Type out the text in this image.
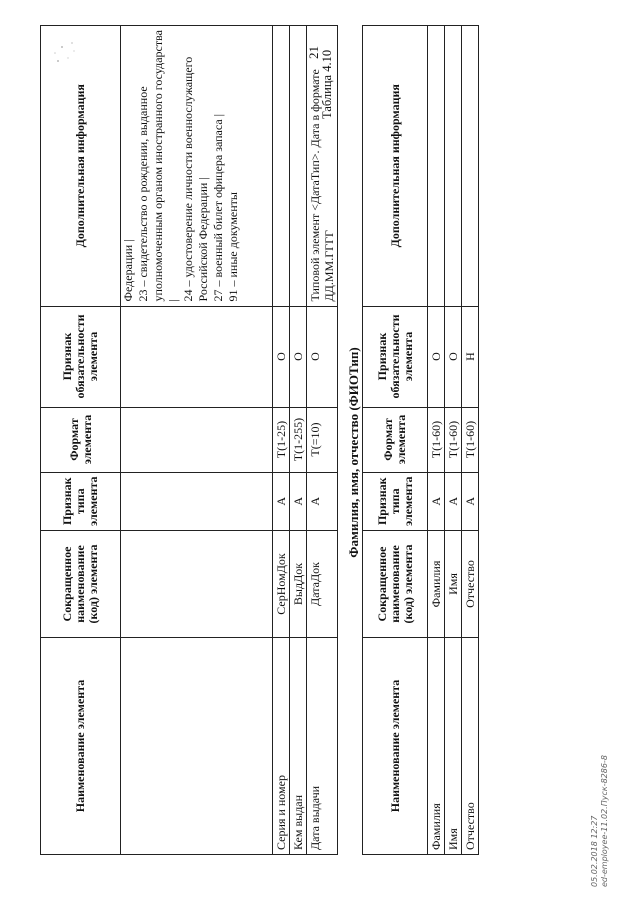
21
Наименование элемента	Сокращенное наименование (код) элемента	Признак типа элемента	Формат элемента	Признак обязательности элемента	Дополнительная информация

					Федерации | 23 – свидетельство о рождении, выданное уполномоченным органом иностранного государства | 24 – удостоверение личности военнослужащего Российской Федерации | 27 – военный билет офицера запаса | 91 – иные документы

Серия и номер	СерНомДок	А	T(1-25)	О	
Кем выдан	ВыдДок	А	T(1-255)	О	
Дата выдачи	ДатаДок	А	T(=10)	О	Типовой элемент <ДатаТип>. Дата в формате ДД.ММ.ГГГГ
Таблица 4.10
Фамилия, имя, отчество (ФИОТип)
Наименование элемента	Сокращенное наименование (код) элемента	Признак типа элемента	Формат элемента	Признак обязательности элемента	Дополнительная информация
Фамилия	Фамилия	А	T(1-60)	О	
Имя	Имя	А	T(1-60)	О	
Отчество	Отчество	А	T(1-60)	Н	
05.02.2018 12:27 ed-employee-11.02.Пуск-8286-8
